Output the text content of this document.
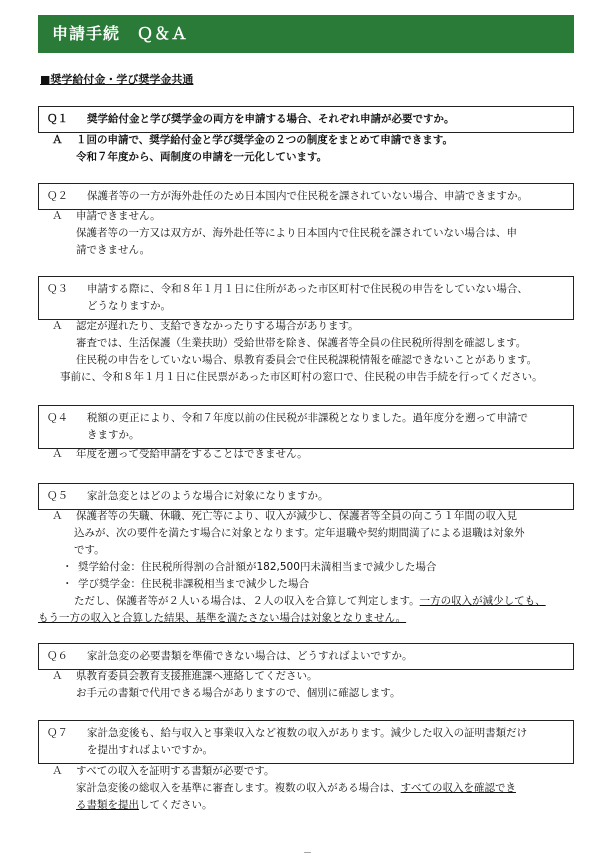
申請手続　Ｑ＆Ａ
■奨学給付金・学び奨学金共通
Ｑ１ 奨学給付金と学び奨学金の両方を申請する場合、それぞれ申請が必要ですか。
Ａ １回の申請で、奨学給付金と学び奨学金の２つの制度をまとめて申請できます。
令和７年度から、両制度の申請を一元化しています。
Ｑ２ 保護者等の一方が海外赴任のため日本国内で住民税を課されていない場合、申請できますか。
Ａ 申請できません。
保護者等の一方又は双方が、海外赴任等により日本国内で住民税を課されていない場合は、申
請できません。
Ｑ３ 申請する際に、令和８年１月１日に住所があった市区町村で住民税の申告をしていない場合、
どうなりますか。
Ａ 認定が遅れたり、支給できなかったりする場合があります。
審査では、生活保護（生業扶助）受給世帯を除き、保護者等全員の住民税所得割を確認します。
住民税の申告をしていない場合、県教育委員会で住民税課税情報を確認できないことがあります。
事前に、令和８年１月１日に住民票があった市区町村の窓口で、住民税の申告手続を行ってください。
Ｑ４ 税額の更正により、令和７年度以前の住民税が非課税となりました。過年度分を遡って申請で
きますか。
Ａ 年度を遡って受給申請をすることはできません。
Ｑ５ 家計急変とはどのような場合に対象になりますか。
Ａ 保護者等の失職、休職、死亡等により、収入が減少し、保護者等全員の向こう１年間の収入見
込みが、次の要件を満たす場合に対象となります。定年退職や契約期間満了による退職は対象外
です。
・ 奨学給付金：住民税所得割の合計額が182,500円未満相当まで減少した場合
・ 学び奨学金：住民税非課税相当まで減少した場合
ただし、保護者等が２人いる場合は、２人の収入を合算して判定します。一方の収入が減少しても、
もう一方の収入と合算した結果、基準を満たさない場合は対象となりません。
Ｑ６ 家計急変の必要書類を準備できない場合は、どうすればよいですか。
Ａ 県教育委員会教育支援推進課へ連絡してください。
お手元の書類で代用できる場合がありますので、個別に確認します。
Ｑ７ 家計急変後も、給与収入と事業収入など複数の収入があります。減少した収入の証明書類だけ
を提出すればよいですか。
Ａ すべての収入を証明する書類が必要です。
家計急変後の総収入を基準に審査します。複数の収入がある場合は、すべての収入を確認でき
る書類を提出してください。
－
